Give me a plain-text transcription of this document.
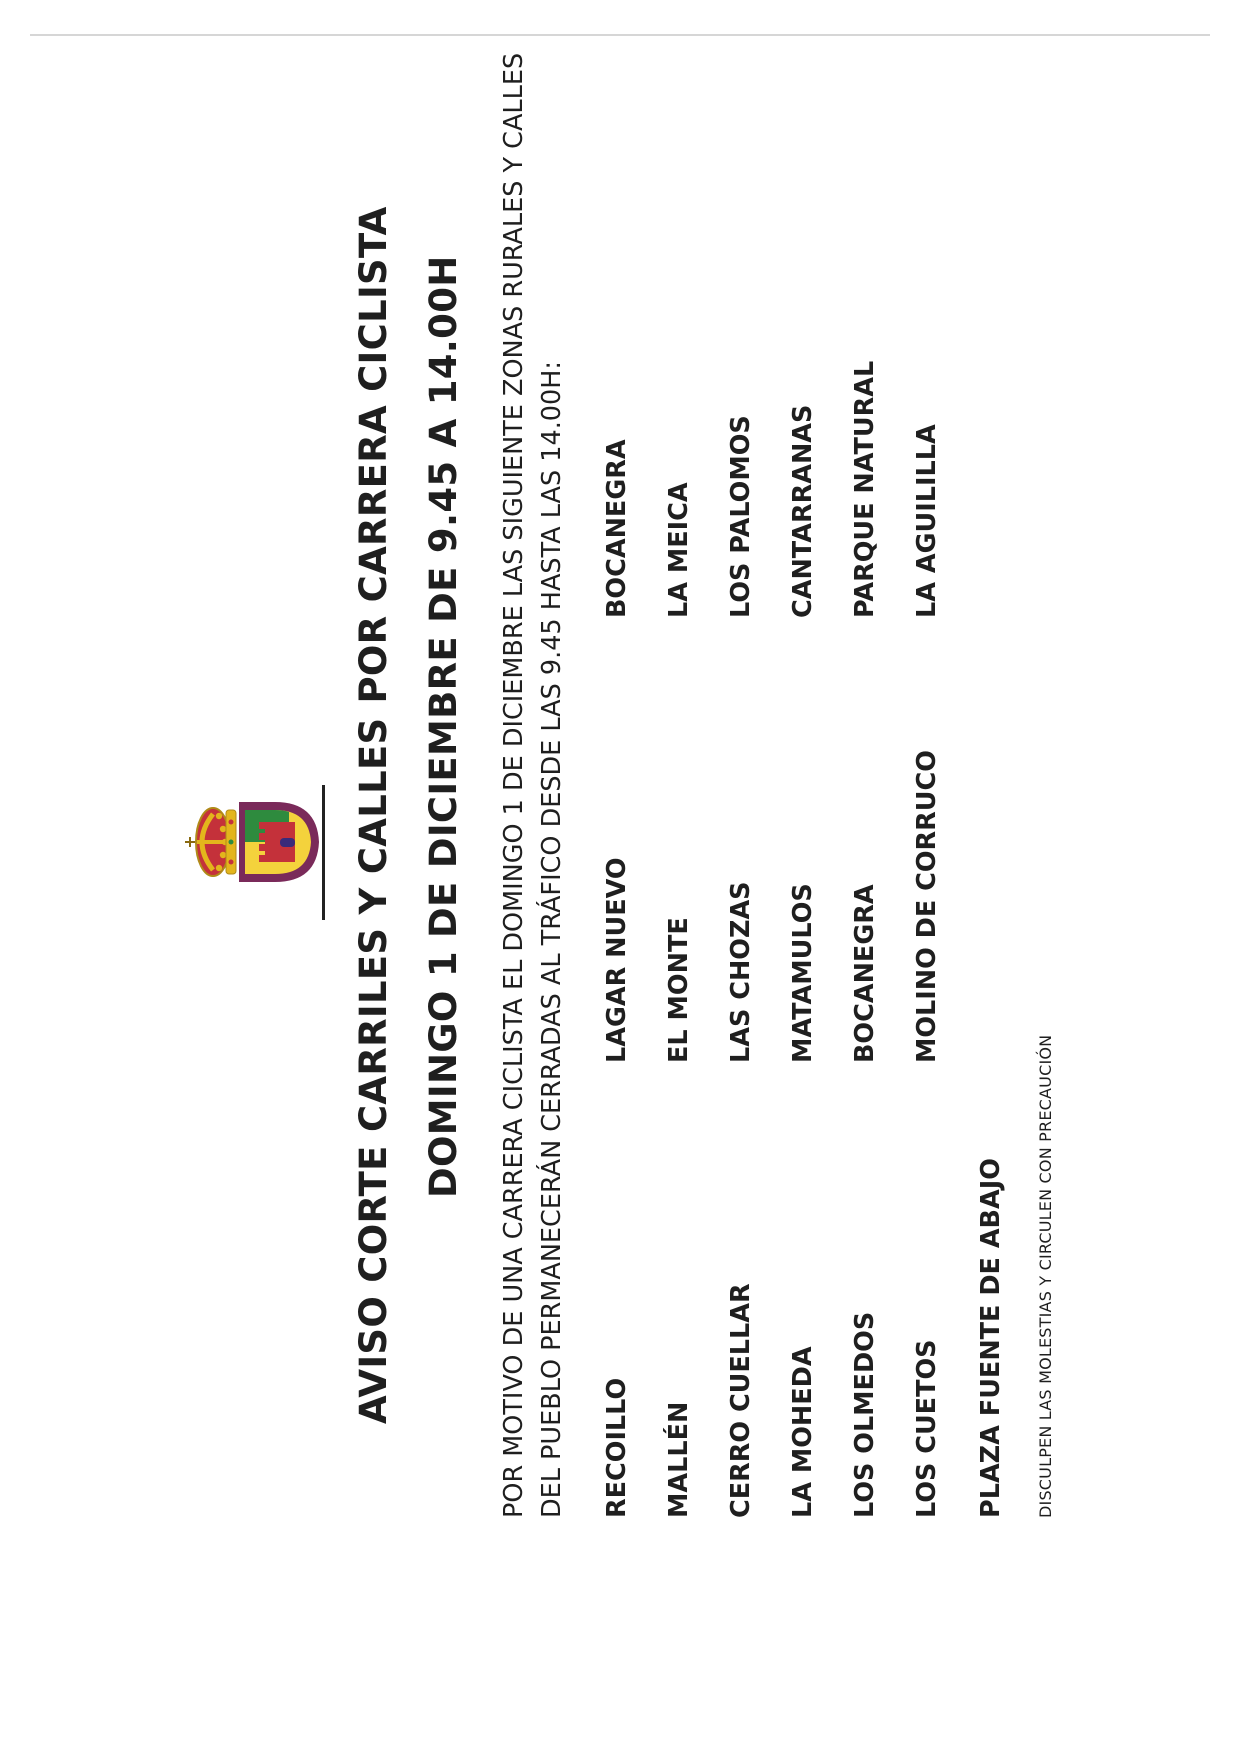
AVISO CORTE CARRILES Y CALLESPOR CARRERA CICLISTA DOMINGO 1 DE DICIEMBRE DE 9.45 A 14.00H POR MOTIVO DE UNA CARRERA CICLISTA EL DOMINGO 1 DE DICIEMBRE LAS SIGUIENTE ZONAS RURALES Y CALLES DEL PUEBLO PERMANECERÁN CERRADAS AL TRÁFICO DESDE LAS 9.45 HASTA LAS 14.00H: RECOILLO
LAGAR NUEVO
BOCANEGRA
MALLÉN
EL MONTE
LA MEICA
CERRO CUELLAR
LAS CHOZAS
LOS PALOMOS
LA MOHEDA
MATAMULOS
CANTARRANAS
LOS OLMEDOS
BOCANEGRA
PARQUE NATURAL
LOS CUETOS
MOLINO DE CORRUCO
LA AGUILILLA
PLAZA FUENTE DE ABAJO DISCULPEN LAS MOLESTIAS Y CIRCULEN CON PRECAUCIÓN
